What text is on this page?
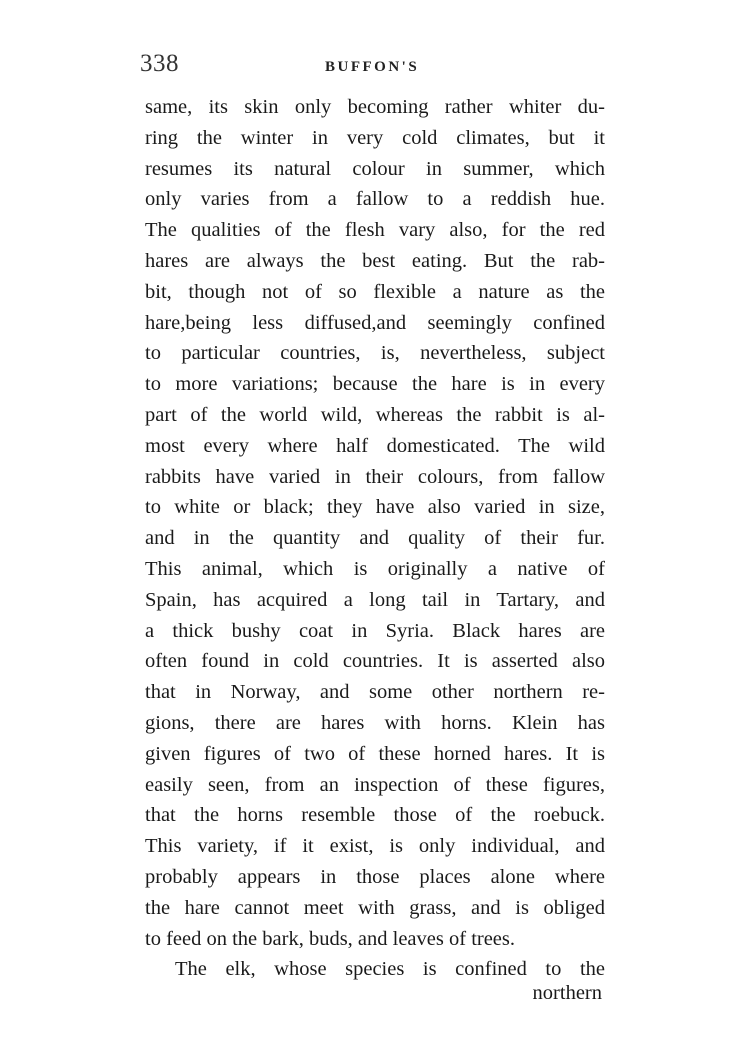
338	BUFFON'S
same, its skin only becoming rather whiter du-
ring the winter in very cold climates, but it
resumes its natural colour in summer, which
only varies from a fallow to a reddish hue.
The qualities of the flesh vary also, for the red
hares are always the best eating. But the rab-
bit, though not of so flexible a nature as the
hare,being less diffused,and seemingly confined
to particular countries, is, nevertheless, subject
to more variations; because the hare is in every
part of the world wild, whereas the rabbit is al-
most every where half domesticated. The wild
rabbits have varied in their colours, from fallow
to white or black; they have also varied in size,
and in the quantity and quality of their fur.
This animal, which is originally a native of
Spain, has acquired a long tail in Tartary, and
a thick bushy coat in Syria. Black hares are
often found in cold countries. It is asserted also
that in Norway, and some other northern re-
gions, there are hares with horns. Klein has
given figures of two of these horned hares. It is
easily seen, from an inspection of these figures,
that the horns resemble those of the roebuck.
This variety, if it exist, is only individual, and
probably appears in those places alone where
the hare cannot meet with grass, and is obliged
to feed on the bark, buds, and leaves of trees.
The elk, whose species is confined to the
northern
